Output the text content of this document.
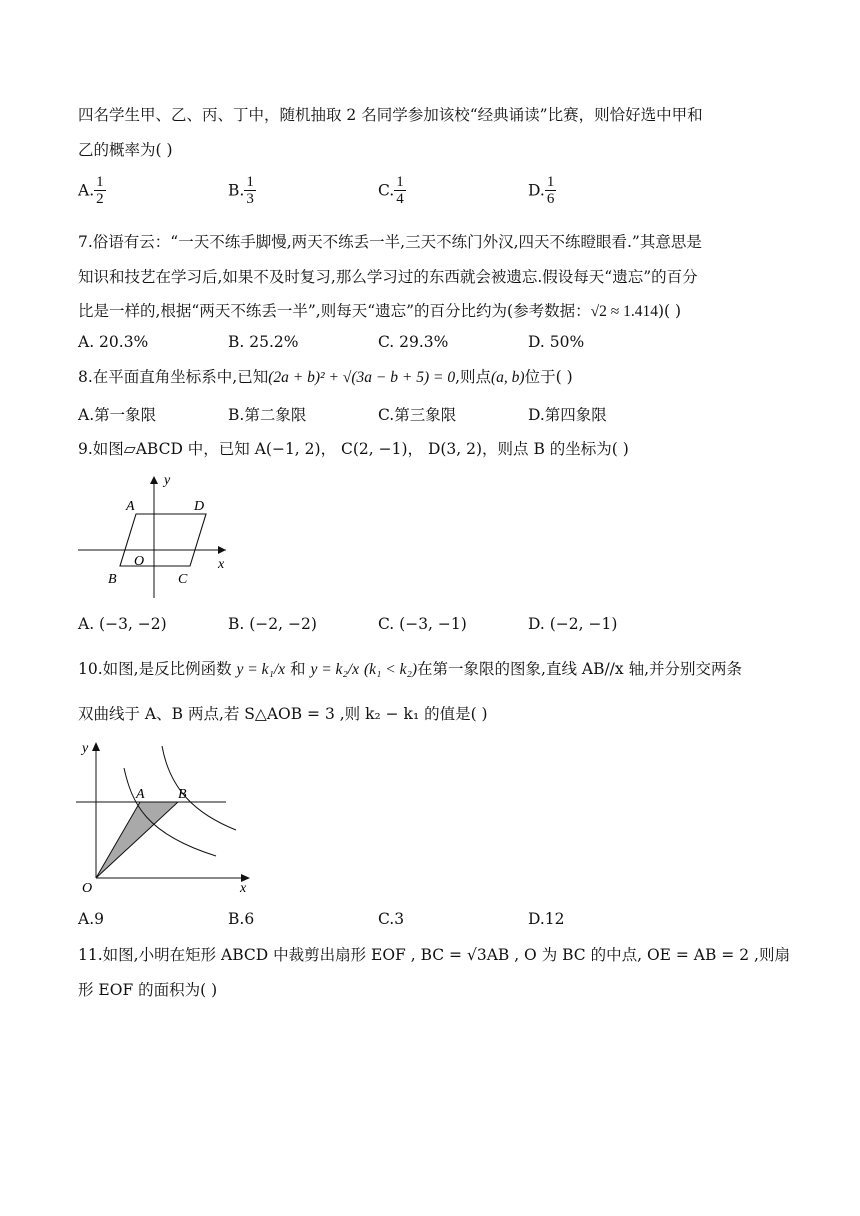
四名学生甲、乙、丙、丁中，随机抽取 2 名同学参加该校“经典诵读”比赛，则恰好选中甲和
乙的概率为( )
A. $\frac{1}{2}$	B. $\frac{1}{3}$	C. $\frac{1}{4}$	D. $\frac{1}{6}$
7.俗语有云：“一天不练手脚慢,两天不练丢一半,三天不练门外汉,四天不练瞪眼看.”其意思是
知识和技艺在学习后,如果不及时复习,那么学习过的东西就会被遗忘.假设每天“遗忘”的百分
比是一样的,根据“两天不练丢一半”,则每天“遗忘”的百分比约为(参考数据：√2 ≈ 1.414)( )
A. 20.3%	B. 25.2%	C. 29.3%	D. 50%
8.在平面直角坐标系中,已知(2a + b)² + √(3a − b + 5) = 0,则点(a, b)位于( )
A.第一象限	B.第二象限	C.第三象限	D.第四象限
9.如图▱ABCD 中，已知 A(−1, 2)， C(2, −1)， D(3, 2)，则点 B 的坐标为( )
y
x
A	D
O
B	C
A. (−3, −2)	B. (−2, −2)	C. (−3, −1)	D. (−2, −1)
10.如图,是反比例函数 y = k₁/x 和 y = k₂/x (k₁ < k₂)在第一象限的图象,直线 AB//x 轴,并分别交两条
双曲线于 A、B 两点,若 S△AOB = 3 ,则 k₂ − k₁ 的值是( )
y
x
A B
O
A.9	B.6	C.3	D.12
11.如图,小明在矩形 ABCD 中裁剪出扇形 EOF , BC = √3AB , O 为 BC 的中点, OE = AB = 2 ,则扇
形 EOF 的面积为( )
